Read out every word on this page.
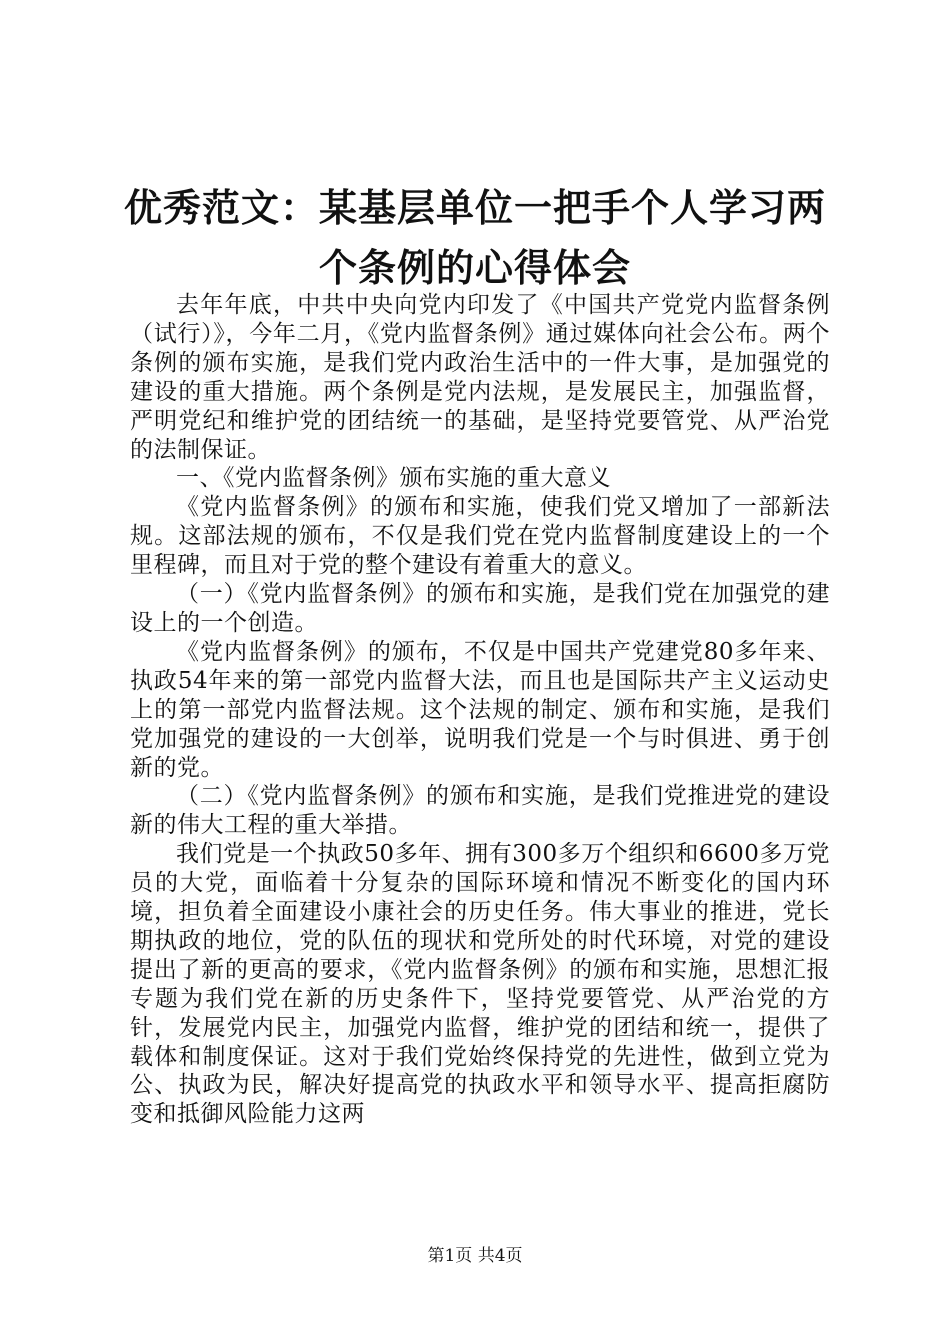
优秀范文：某基层单位一把手个人学习两个条例的心得体会

去年年底，中共中央向党内印发了《中国共产党党内监督条例（试行）》，今年二月，《党内监督条例》通过媒体向社会公布。两个条例的颁布实施，是我们党内政治生活中的一件大事，是加强党的建设的重大措施。两个条例是党内法规，是发展民主，加强监督，严明党纪和维护党的团结统一的基础，是坚持党要管党、从严治党的法制保证。

一、《党内监督条例》颁布实施的重大意义

《党内监督条例》的颁布和实施，使我们党又增加了一部新法规。这部法规的颁布，不仅是我们党在党内监督制度建设上的一个里程碑，而且对于党的整个建设有着重大的意义。

（一）《党内监督条例》的颁布和实施，是我们党在加强党的建设上的一个创造。

《党内监督条例》的颁布，不仅是中国共产党建党80多年来、执政54年来的第一部党内监督大法，而且也是国际共产主义运动史上的第一部党内监督法规。这个法规的制定、颁布和实施，是我们党加强党的建设的一大创举，说明我们党是一个与时俱进、勇于创新的党。

（二）《党内监督条例》的颁布和实施，是我们党推进党的建设新的伟大工程的重大举措。

我们党是一个执政50多年、拥有300多万个组织和6600多万党员的大党，面临着十分复杂的国际环境和情况不断变化的国内环境，担负着全面建设小康社会的历史任务。伟大事业的推进，党长期执政的地位，党的队伍的现状和党所处的时代环境，对党的建设提出了新的更高的要求，《党内监督条例》的颁布和实施，思想汇报专题为我们党在新的历史条件下，坚持党要管党、从严治党的方针，发展党内民主，加强党内监督，维护党的团结和统一，提供了载体和制度保证。这对于我们党始终保持党的先进性，做到立党为公、执政为民，解决好提高党的执政水平和领导水平、提高拒腐防变和抵御风险能力这两

第1页 共4页
